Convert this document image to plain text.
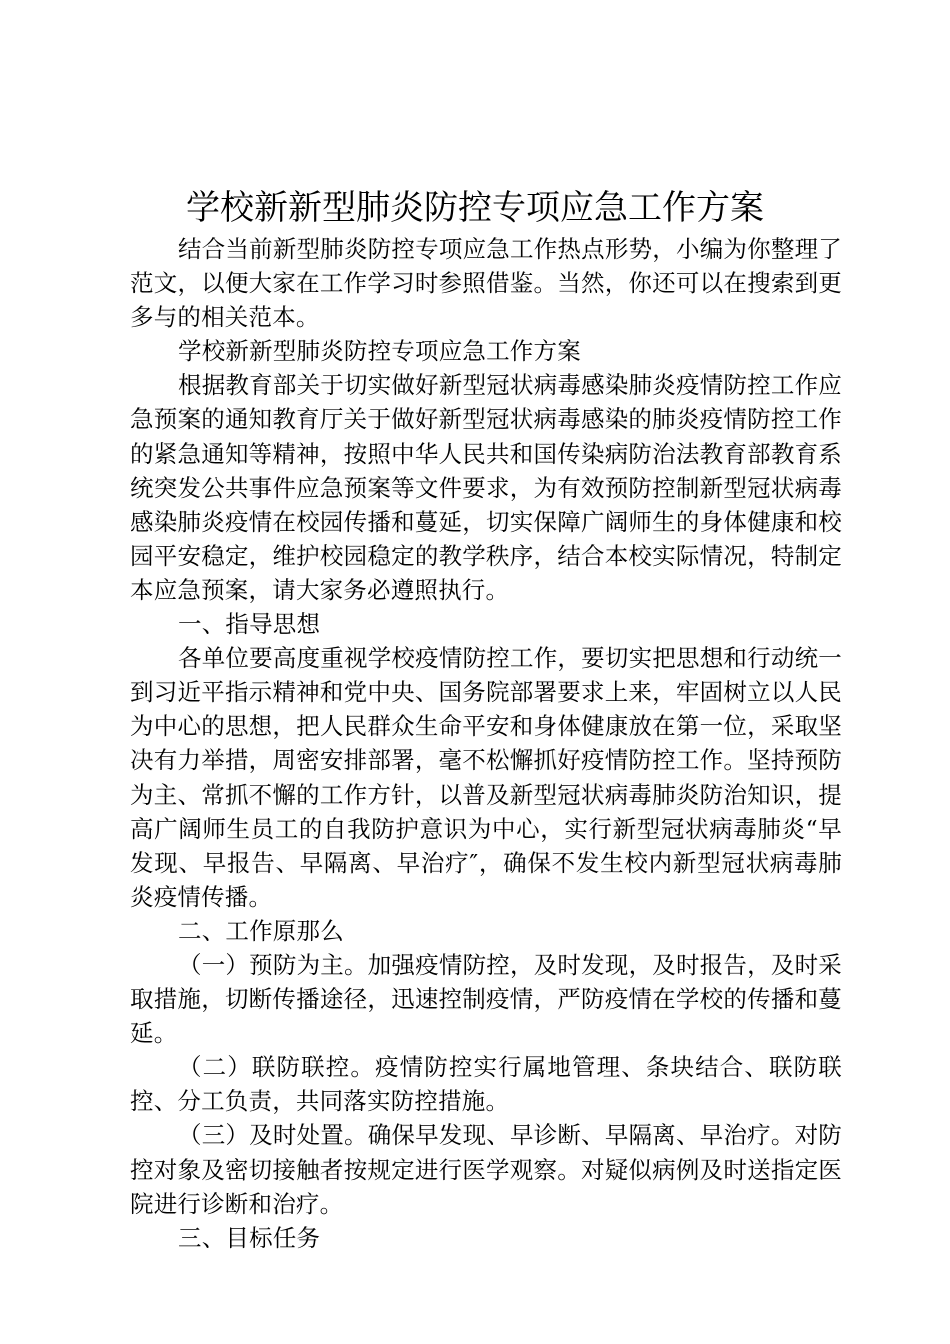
学校新新型肺炎防控专项应急工作方案

结合当前新型肺炎防控专项应急工作热点形势，小编为你整理了范文，以便大家在工作学习时参照借鉴。当然，你还可以在搜索到更多与的相关范本。

学校新新型肺炎防控专项应急工作方案

根据教育部关于切实做好新型冠状病毒感染肺炎疫情防控工作应急预案的通知教育厅关于做好新型冠状病毒感染的肺炎疫情防控工作的紧急通知等精神，按照中华人民共和国传染病防治法教育部教育系统突发公共事件应急预案等文件要求，为有效预防控制新型冠状病毒感染肺炎疫情在校园传播和蔓延，切实保障广阔师生的身体健康和校园平安稳定，维护校园稳定的教学秩序，结合本校实际情况，特制定本应急预案，请大家务必遵照执行。

一、指导思想

各单位要高度重视学校疫情防控工作，要切实把思想和行动统一到习近平指示精神和党中央、国务院部署要求上来，牢固树立以人民为中心的思想，把人民群众生命平安和身体健康放在第一位，采取坚决有力举措，周密安排部署，毫不松懈抓好疫情防控工作。坚持预防为主、常抓不懈的工作方针，以普及新型冠状病毒肺炎防治知识，提高广阔师生员工的自我防护意识为中心，实行新型冠状病毒肺炎“早发现、早报告、早隔离、早治疗″，确保不发生校内新型冠状病毒肺炎疫情传播。

二、工作原那么

（一）预防为主。加强疫情防控，及时发现，及时报告，及时采取措施，切断传播途径，迅速控制疫情，严防疫情在学校的传播和蔓延。

（二）联防联控。疫情防控实行属地管理、条块结合、联防联控、分工负责，共同落实防控措施。

（三）及时处置。确保早发现、早诊断、早隔离、早治疗。对防控对象及密切接触者按规定进行医学观察。对疑似病例及时送指定医院进行诊断和治疗。

三、目标任务
